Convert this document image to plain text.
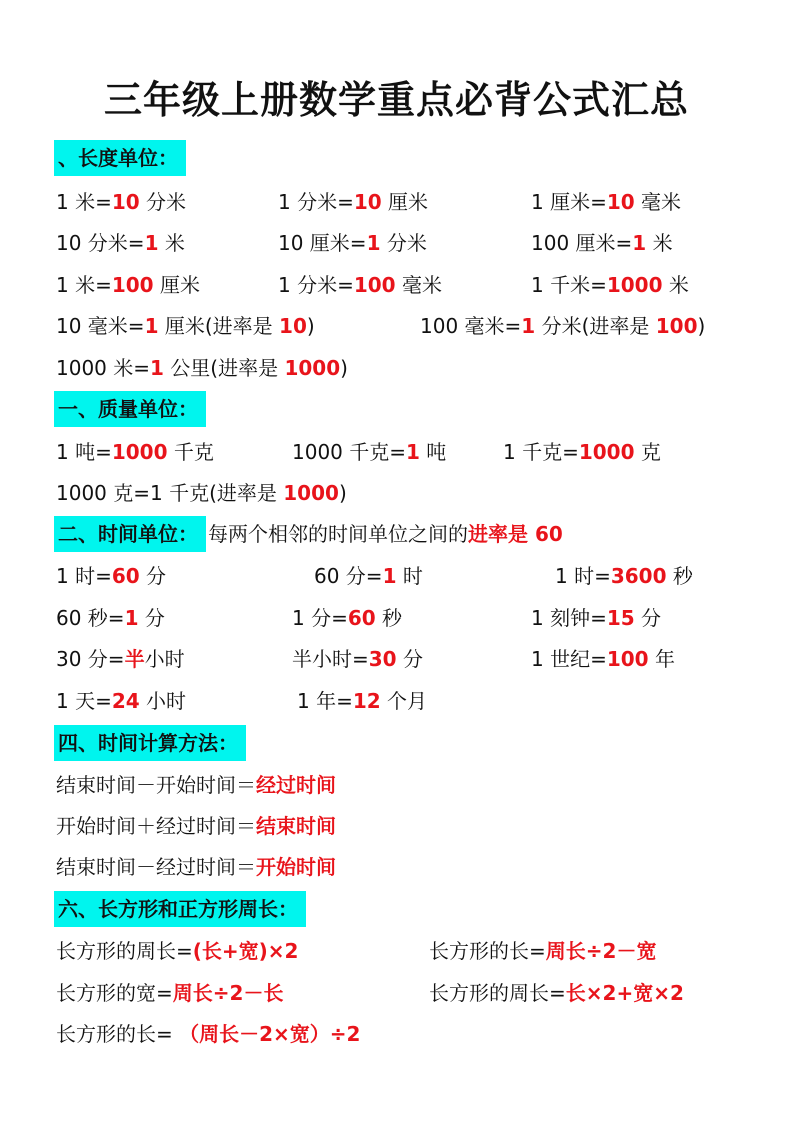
三年级上册数学重点必背公式汇总
、长度单位：
1 米=10 分米	1 分米=10 厘米	1 厘米=10 毫米
10 分米=1 米	10 厘米=1 分米	100 厘米=1 米
1 米=100 厘米	1 分米=100 毫米	1 千米=1000 米
10 毫米=1 厘米(进率是 10)	100 毫米=1 分米(进率是 100)
1000 米=1 公里(进率是 1000)
一、质量单位：
1 吨=1000 千克	1000 千克=1 吨	1 千克=1000 克
1000 克=1 千克(进率是 1000)
二、时间单位： 每两个相邻的时间单位之间的进率是 60
1 时=60 分	60 分=1 时	1 时=3600 秒
60 秒=1 分	1 分=60 秒	1 刻钟=15 分
30 分=半小时	半小时=30 分	1 世纪=100 年
1 天=24 小时	1 年=12 个月
四、时间计算方法：
结束时间－开始时间＝经过时间
开始时间＋经过时间＝结束时间
结束时间－经过时间＝开始时间
六、长方形和正方形周长：
长方形的周长=(长+宽)×2	长方形的长=周长÷2－宽
长方形的宽=周长÷2－长	长方形的周长=长×2+宽×2
长方形的长= （周长－2×宽）÷2
